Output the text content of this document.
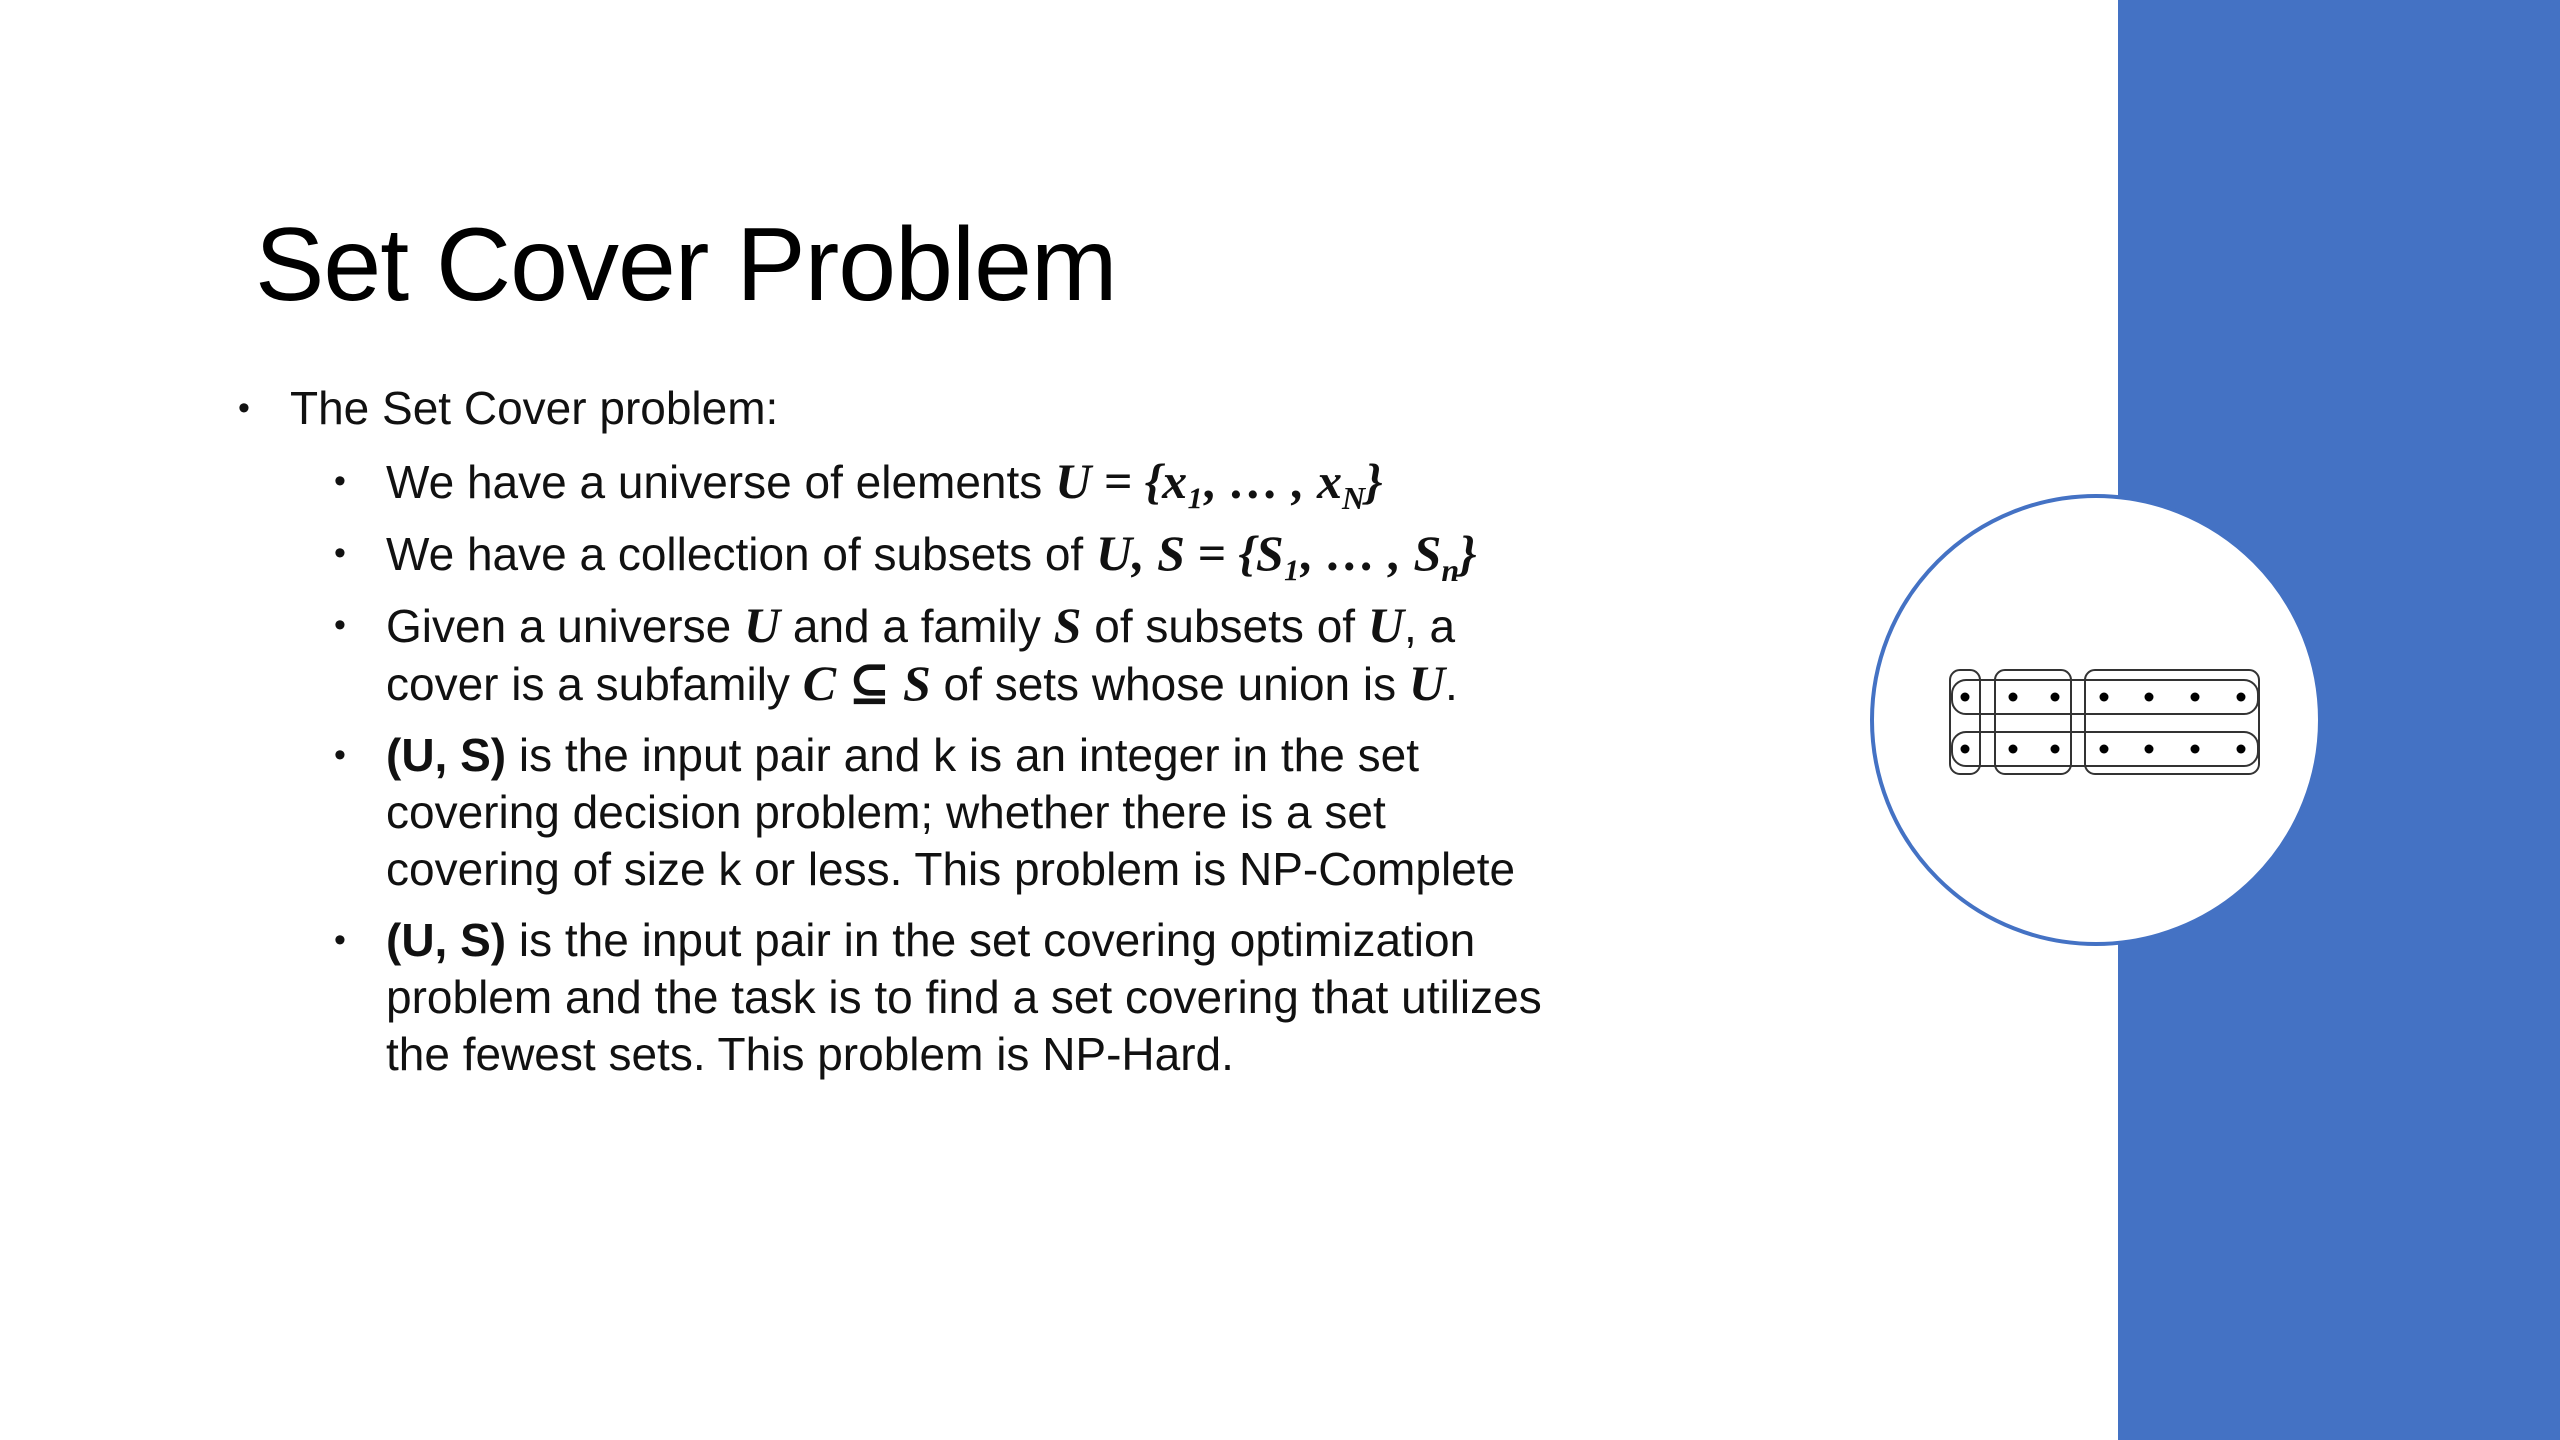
Set Cover Problem
• The Set Cover problem:
• We have a universe of elements U = {x₁, … , $x_N$}
• We have a collection of subsets of U, S = {S₁, … , $S_n$}
• Given a universe U and a family S of subsets of U, a cover is a subfamily C ⊆ S of sets whose union is U.
• (U, S) is the input pair and k is an integer in the set covering decision problem; whether there is a set covering of size k or less. This problem is NP-Complete
• (U, S) is the input pair in the set covering optimization problem and the task is to find a set covering that utilizes the fewest sets. This problem is NP-Hard.
